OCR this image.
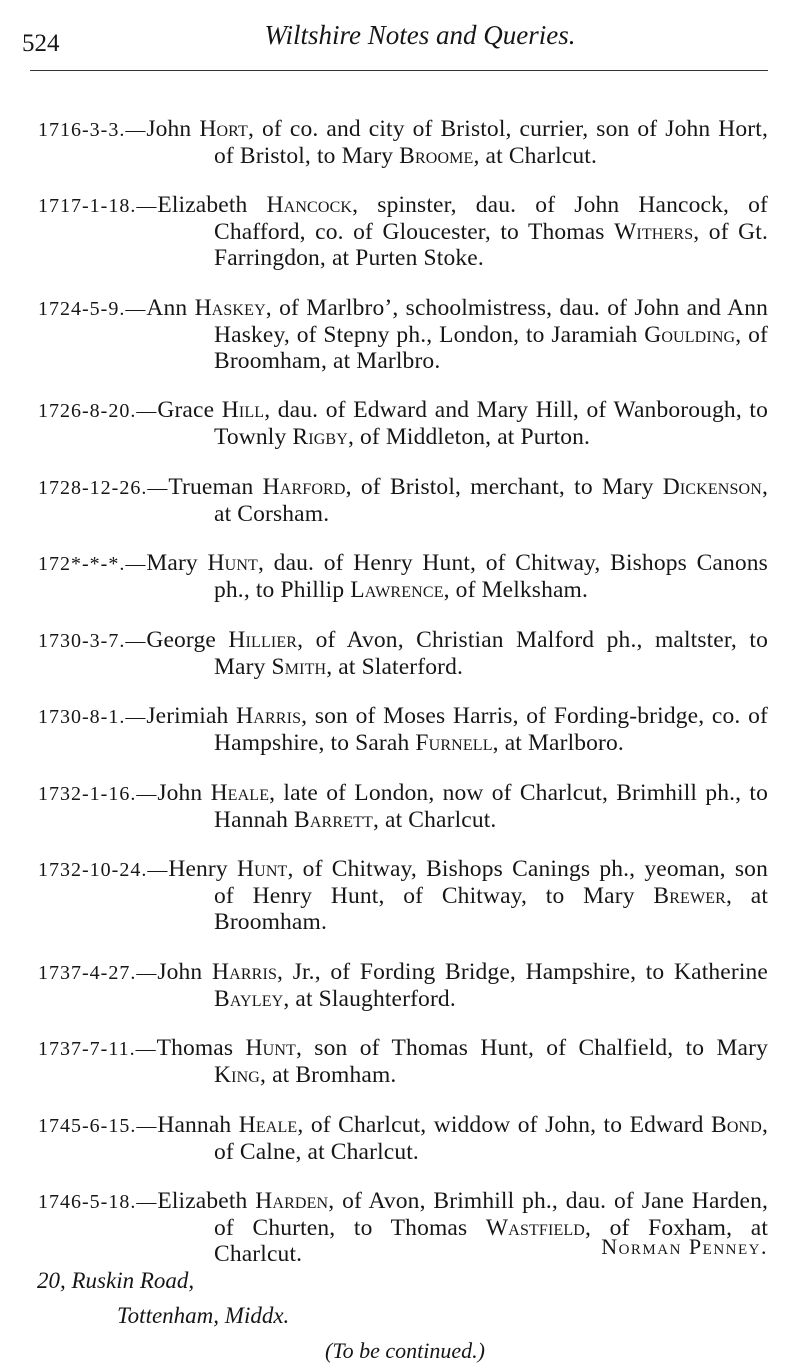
524	Wiltshire Notes and Queries.

1716-3-3.—John Hort, of co. and city of Bristol, currier, son of John Hort, of Bristol, to Mary Broome, at Charlcut.

1717-1-18.—Elizabeth Hancock, spinster, dau. of John Hancock, of Chafford, co. of Gloucester, to Thomas Withers, of Gt. Farringdon, at Purten Stoke.

1724-5-9.—Ann Haskey, of Marlbro’, schoolmistress, dau. of John and Ann Haskey, of Stepny ph., London, to Jaramiah Goulding, of Broomham, at Marlbro.

1726-8-20.—Grace Hill, dau. of Edward and Mary Hill, of Wanborough, to Townly Rigby, of Middleton, at Purton.

1728-12-26.—Trueman Harford, of Bristol, merchant, to Mary Dickenson, at Corsham.

172*-*-*.—Mary Hunt, dau. of Henry Hunt, of Chitway, Bishops Canons ph., to Phillip Lawrence, of Melksham.

1730-3-7.—George Hillier, of Avon, Christian Malford ph., maltster, to Mary Smith, at Slaterford.

1730-8-1.—Jerimiah Harris, son of Moses Harris, of Fording-bridge, co. of Hampshire, to Sarah Furnell, at Marlboro.

1732-1-16.—John Heale, late of London, now of Charlcut, Brimhill ph., to Hannah Barrett, at Charlcut.

1732-10-24.—Henry Hunt, of Chitway, Bishops Canings ph., yeoman, son of Henry Hunt, of Chitway, to Mary Brewer, at Broomham.

1737-4-27.—John Harris, Jr., of Fording Bridge, Hampshire, to Katherine Bayley, at Slaughterford.

1737-7-11.—Thomas Hunt, son of Thomas Hunt, of Chalfield, to Mary King, at Bromham.

1745-6-15.—Hannah Heale, of Charlcut, widdow of John, to Edward Bond, of Calne, at Charlcut.

1746-5-18.—Elizabeth Harden, of Avon, Brimhill ph., dau. of Jane Harden, of Churten, to Thomas Wastfield, of Foxham, at Charlcut.	Norman Penney.
20, Ruskin Road,
Tottenham, Middx.
(To be continued.)
